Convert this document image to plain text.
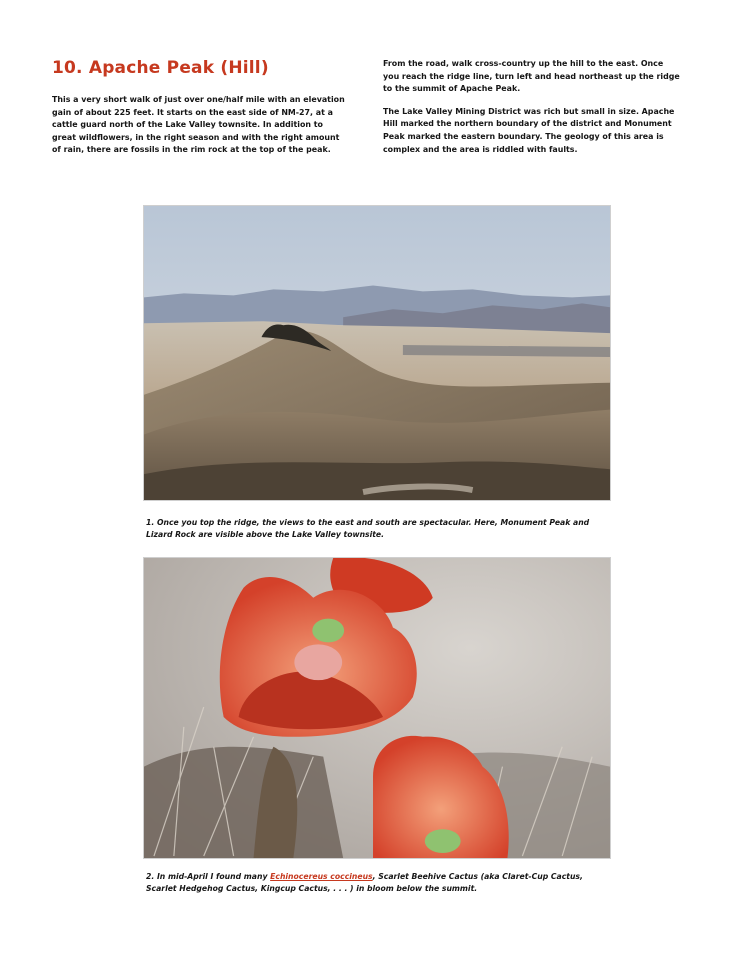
10. Apache Peak (Hill)

This a very short walk of just over one/half mile with an elevation gain of about 225 feet. It starts on the east side of NM-27, at a cattle guard north of the Lake Valley townsite. In addition to great wildflowers, in the right season and with the right amount of rain, there are fossils in the rim rock at the top of the peak.

From the road, walk cross-country up the hill to the east. Once you reach the ridge line, turn left and head northeast up the ridge to the summit of Apache Peak.

The Lake Valley Mining District was rich but small in size. Apache Hill marked the northern boundary of the district and Monument Peak marked the eastern boundary. The geology of this area is complex and the area is riddled with faults.

1. Once you top the ridge, the views to the east and south are spectacular. Here, Monument Peak and Lizard Rock are visible above the Lake Valley townsite.

2. In mid-April I found many Echinocereus coccineus, Scarlet Beehive Cactus (aka Claret-Cup Cactus, Scarlet Hedgehog Cactus, Kingcup Cactus, . . . ) in bloom below the summit.
